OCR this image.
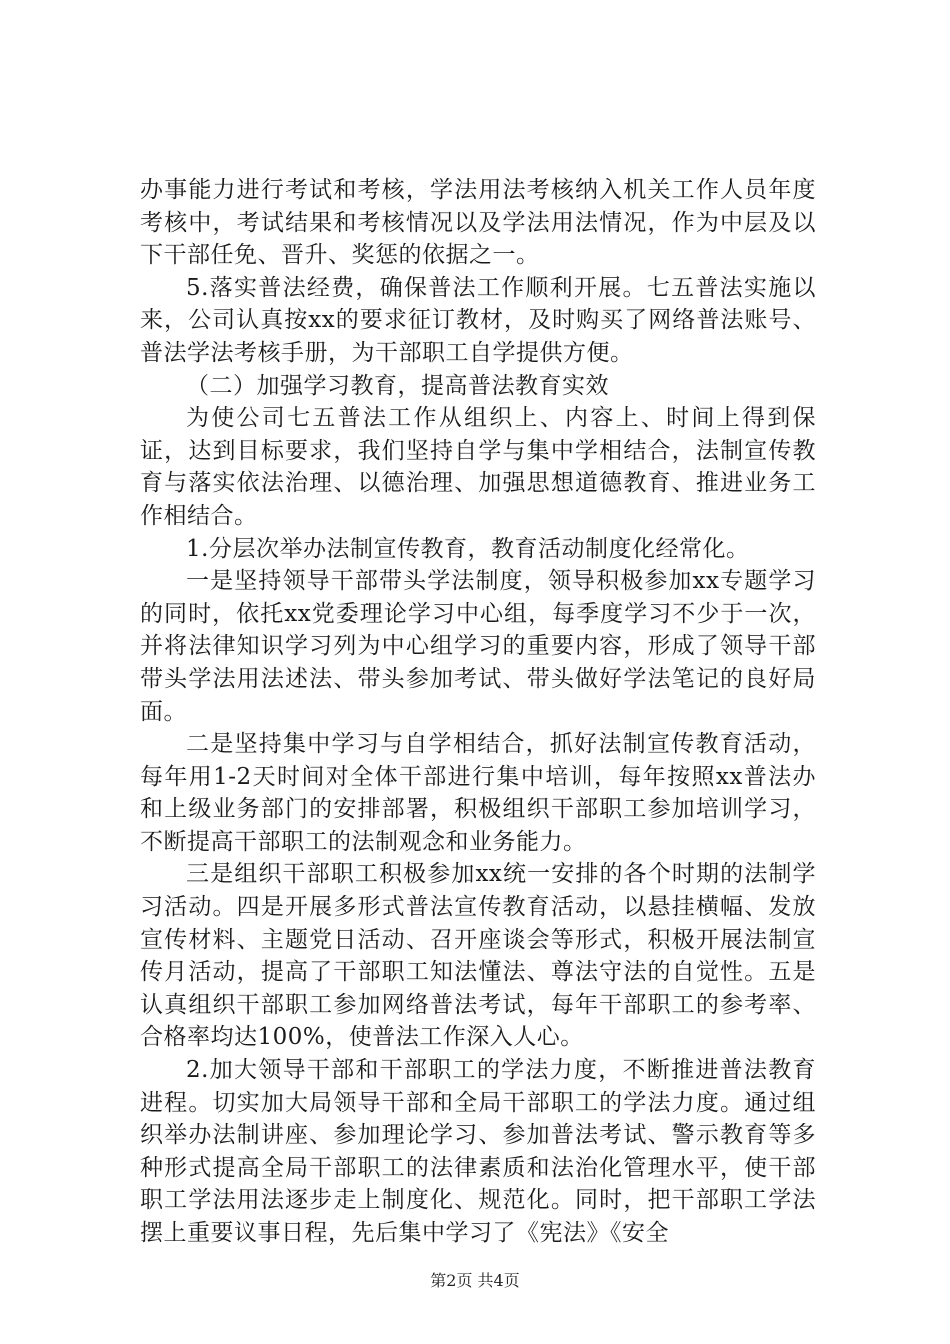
办事能力进行考试和考核，学法用法考核纳入机关工作人员年度考核中，考试结果和考核情况以及学法用法情况，作为中层及以下干部任免、晋升、奖惩的依据之一。

5.落实普法经费，确保普法工作顺利开展。七五普法实施以来，公司认真按xx的要求征订教材，及时购买了网络普法账号、普法学法考核手册，为干部职工自学提供方便。

（二）加强学习教育，提高普法教育实效

为使公司七五普法工作从组织上、内容上、时间上得到保证，达到目标要求，我们坚持自学与集中学相结合，法制宣传教育与落实依法治理、以德治理、加强思想道德教育、推进业务工作相结合。

1.分层次举办法制宣传教育，教育活动制度化经常化。

一是坚持领导干部带头学法制度，领导积极参加xx专题学习的同时，依托xx党委理论学习中心组，每季度学习不少于一次，并将法律知识学习列为中心组学习的重要内容，形成了领导干部带头学法用法述法、带头参加考试、带头做好学法笔记的良好局面。

二是坚持集中学习与自学相结合，抓好法制宣传教育活动，每年用1-2天时间对全体干部进行集中培训，每年按照xx普法办和上级业务部门的安排部署，积极组织干部职工参加培训学习，不断提高干部职工的法制观念和业务能力。

三是组织干部职工积极参加xx统一安排的各个时期的法制学习活动。四是开展多形式普法宣传教育活动，以悬挂横幅、发放宣传材料、主题党日活动、召开座谈会等形式，积极开展法制宣传月活动，提高了干部职工知法懂法、尊法守法的自觉性。五是认真组织干部职工参加网络普法考试，每年干部职工的参考率、合格率均达100%，使普法工作深入人心。

2.加大领导干部和干部职工的学法力度，不断推进普法教育进程。切实加大局领导干部和全局干部职工的学法力度。通过组织举办法制讲座、参加理论学习、参加普法考试、警示教育等多种形式提高全局干部职工的法律素质和法治化管理水平，使干部职工学法用法逐步走上制度化、规范化。同时，把干部职工学法摆上重要议事日程，先后集中学习了《宪法》《安全

第2页 共4页
